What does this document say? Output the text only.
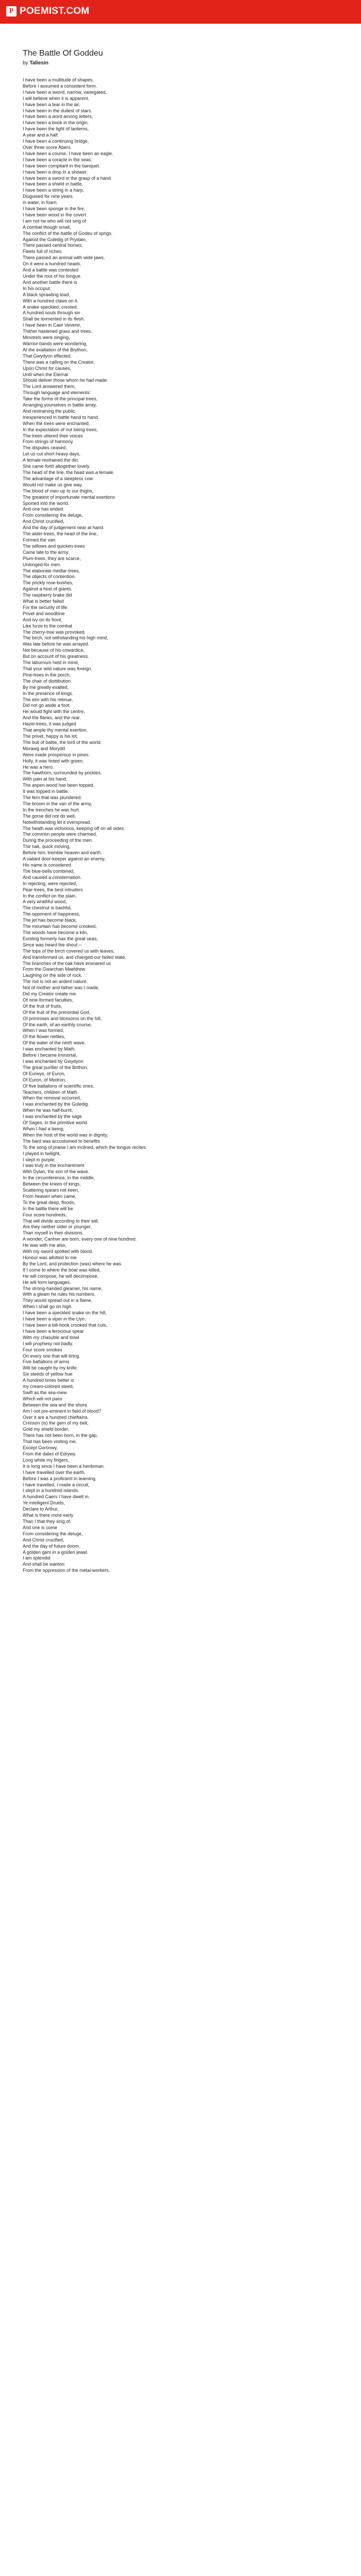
P POEMIST.COM
The Battle Of Goddeu

by Taliesin

I have been a multitude of shapes,
Before I assumed a consistent form.
I have been a sword, narrow, variegated,
I will believe when it is apparent.
I have been a tear in the air,
I have been in the dullest of stars.
I have been a word among letters,
I have been a book in the origin.
I have been the light of lanterns,
A year and a half.
I have been a continuing bridge,
Over three score Abers.
I have been a course, I have been an eagle.
I have been a coracle in the seas:
I have been compliant in the banquet.
I have been a drop in a shower;
I have been a sword in the grasp of a hand
I have been a shield in battle.
I have been a string in a harp,
Disguised for nine years.
in water, in foam.
I have been sponge in the fire,
I have been wood in the covert.
I am not he who will not sing of
A combat though small,
The conflict of the battle of Godeu of sprigs.
Against the Guledig of Prydain,
There passed central horses,
Fleets full of riches.
There passed an animal with wide jaws,
On it were a hundred heads.
And a battle was contested
Under the root of his tongue.
And another battle there is
In his occiput.
A black sprawling toad,
With a hundred claws on it.
A snake speckled, crested.
A hundred souls through sin
Shall be tormented in its flesh.
I have been in Caer Vevenir,
Thither hastened grass and trees.
Minstrels were singing,
Warrior-bands were wondering,
At the exaltation of the Brython,
That Gwydyon effected.
There was a calling on the Creator,
Upon Christ for causes,
Until when the Eternal
Should deliver those whom he had made.
The Lord answered them,
Through language and elements:
Take the forms of the principal trees,
Arranging yourselves in battle array,
And restraining the public
Inexperienced in battle hand to hand.
When the trees were enchanted,
In the expectation of not being trees,
The trees uttered their voices
From strings of harmony
The disputes ceased.
Let us cut short heavy days,
A female restrained the din.
She came forth altogether lovely.
The head of the line, the head was a female.
The advantage of a sleepless cow
Would not make us give way.
The blood of men up to our thighs,
The greatest of importunate mental exertions
Sported into the world.
And one has ended
From considering the deluge,
And Christ crucified,
And the day of judgement near at hand.
The alder-trees, the head of the line,
Formed the van.
The willows and quicken-trees
Came late to the army.
Plum-trees, they are scarce,
Unlonged-for men.
The elaborate medlar-trees,
The objects of contention.
The prickly rose-bushes,
Against a host of giants.
The raspberry brake did
What is better failed
For the security of life.
Privet and woodbine
And ivy on its front,
Like furze to the combat
The cherry-tree was provoked.
The birch, not withstanding his high mind,
Was late before he was arrayed.
Not because of his cowardice,
But on account of his greatness.
The laburnum held in mind,
That your wild nature was foreign.
Pine-trees in the porch,
The chair of disttibution
By me greatly exalted,
In the presence of kings.
The elm with his retinue,
Did not go aside a foot;
He would fight with the centre,
And the flanks, and the rear.
Hazel-trees, it was judged
That ample thy mental exertion.
The privet, happy is his lot,
The bull of battle, the lord of the world.
Morawg and Morydd
Were made prosperous in pines.
Holly, it was tinted with green,
He was a hero.
The hawthorn, surrounded by prickles,
With pain at his hand.
The aspen-wood has been topped,
It was topped in battle.
The fern that was plundered.
The broom in the van of the army,
In the trenches he was hurt.
The gorse did not do well,
Notwithstanding let it overspread.
The heath was victorious, keeping off on all sides.
The common people were charmed,
During the proceeding of the men.
The oak, quick moving,
Before him, tremble heaven and earth.
A valiant door-keeper against an enemy,
His name is considered.
The blue-bells combined,
And caused a consternation.
In rejecting, were rejected,
Pear-trees, the best intruders
In the conflict on the plain.
A very wrathful wood,
The chestnut is bashful,
The opponent of happiness,
The jet has become black,
The mountain has become crooked,
The woods have become a kiln,
Existing formerly has the great seas,
Since was heard the shout:--
The tops of the birch covered us with leaves,
And transformed us, and changed our faded state.
The branches of the oak have ensnared us
From the Gwarchan Maeldrew.
Laughing on the side of rock,
The rod is not an ardent nature.
Not of mother and father was I made,
Did my Creator create me.
Of nine-formed faculties,
Of the fruit of fruits,
Of the fruit of the primordial God,
Of primroses and blossoms on the hill,
Of the earth, of an earthly course,
When I was formed,
Of the flower nettles,
Of the water of the ninth wave.
I was enchanted by Math,
Before I became immortal,
I was enchanted by Gwydyon
The great purifier of the Brithon,
Of Eurwys, of Euron,
Of Euron, of Modron,
Of five battalions of scientific ones,
Teachers, children of Math.
When the removal occurred,
I was enchanted by the Guledig.
When he was half-burnt,
I was enchanted by the sage
Of Sages, in the primitive world.
When I had a being;
When the host of the world was in dignity,
The bard was accustomed to benefits.
To the song of praise I am inclined, which the tongue recites.
I played in twilight,
I slept in purple;
I was truly in the enchantment
With Dylan, the son of the wave.
In the circumference, in the middle,
Between the knees of kings,
Scattering spears not keen,
From heaven when came,
To the great deep, floods,
In the battle there will be
Four score hundreds,
That will divide according to their will.
Are they neither older or younger,
Than myself in their divisions.
A wonder, Canhwr are born, every one of nine hundred.
He was with me also,
With my sword spotted with blood.
Honour was allotted to me
By the Lord, and protection (was) where he was.
If I come to where the boar was killed,
He will compose, he will decompose,
He will form languages.
The strong-handed gleamer, his name,
With a gleam he rules his numbers.
They would spread out in a flame,
When I shall go on high.
I have been a speckled snake on the hill,
I have been a viper in the Llyn.
I have been a bill-hook crooked that cuts,
I have been a ferocious spear
With my chasuble and bowl
I will prophesy not badly.
Four score smokes
On every one that will bring.
Five battalions of arms
Will be caught by my knife.
Six steeds of yellow hue
A hundred times better is
my cream-colored steed,
Swift as the sea-mew
Which will not pass
Between the sea and the shore.
Am I not pre-eminent in field of blood?
Over it are a hundred chieftains.
Crimson (is) the gem of my belt,
Gold my shield border.
There has not been born, in the gap,
That has been visiting me,
Except Goronwy,
From the dales of Edrywy.
Long white my fingers,
It is long since I have been a herdsman.
I have travelled over the earth,
Before I was a proficient in learning.
I have travelled, I made a circuit,
I slept in a hundred islands.
A hundred Caers I have dwelt in.
Ye intelligent Druids,
Declare to Arthur,
What is there more early
Than I that they sing of.
And one is come
From considering the deluge,
And Christ crucified,
And the day of future doom.
A golden gem in a golden jewel.
I am splendid
And shall be wanton
From the oppression of the metal-workers.
